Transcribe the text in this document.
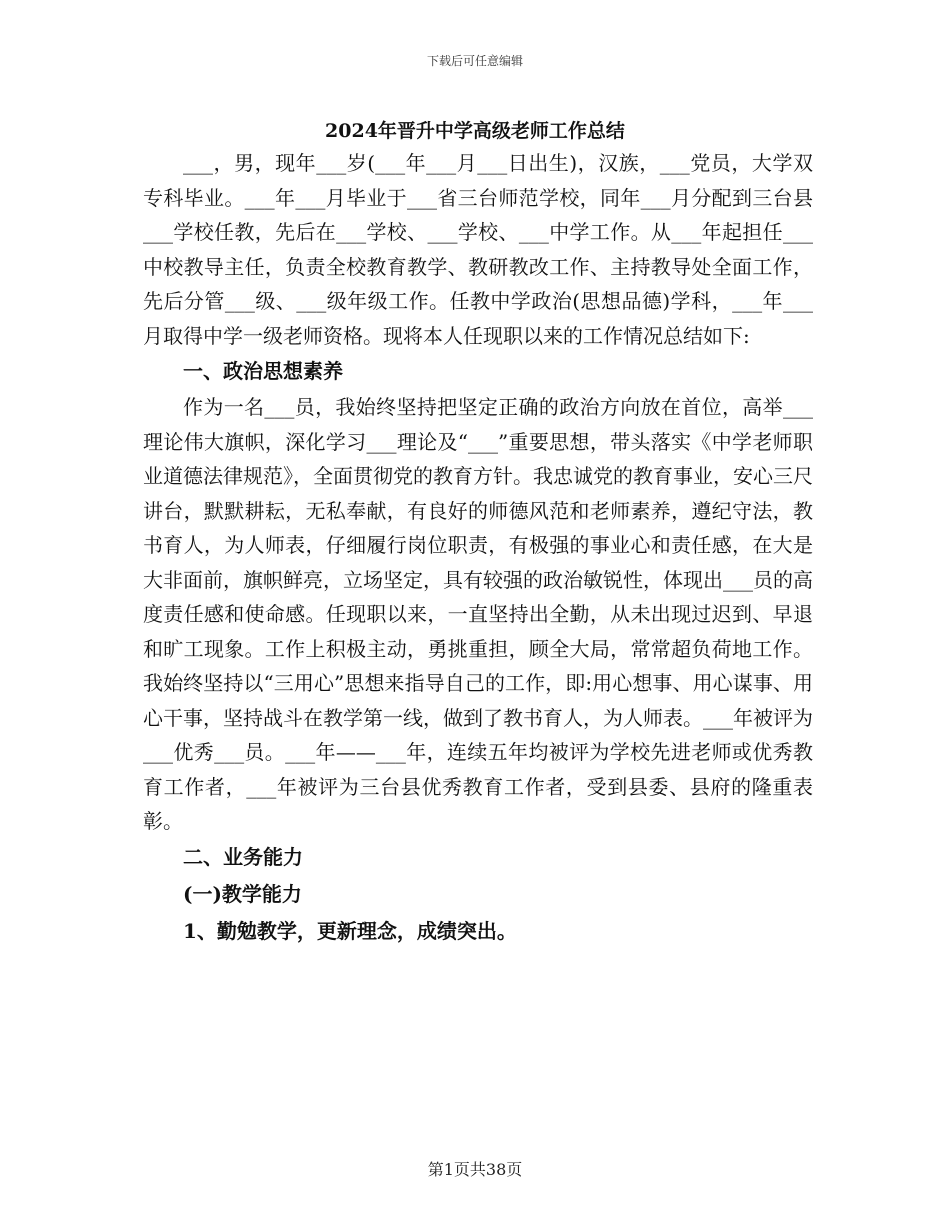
下载后可任意编辑
2024年晋升中学高级老师工作总结

___，男，现年___岁(___年___月___日出生)，汉族，___党员，大学双专科毕业。___年___月毕业于___省三台师范学校，同年___月分配到三台县___学校任教，先后在___学校、___学校、___中学工作。从___年起担任___中校教导主任，负责全校教育教学、教研教改工作、主持教导处全面工作，先后分管___级、___级年级工作。任教中学政治(思想品德)学科，___年___月取得中学一级老师资格。现将本人任现职以来的工作情况总结如下:

一、政治思想素养

作为一名___员，我始终坚持把坚定正确的政治方向放在首位，高举___理论伟大旗帜，深化学习___理论及“___”重要思想，带头落实《中学老师职业道德法律规范》，全面贯彻党的教育方针。我忠诚党的教育事业，安心三尺讲台，默默耕耘，无私奉献，有良好的师德风范和老师素养，遵纪守法，教书育人，为人师表，仔细履行岗位职责，有极强的事业心和责任感，在大是大非面前，旗帜鲜亮，立场坚定，具有较强的政治敏锐性，体现出___员的高度责任感和使命感。任现职以来，一直坚持出全勤，从未出现过迟到、早退和旷工现象。工作上积极主动，勇挑重担，顾全大局，常常超负荷地工作。我始终坚持以“三用心”思想来指导自己的工作，即:用心想事、用心谋事、用心干事，坚持战斗在教学第一线，做到了教书育人，为人师表。___年被评为___优秀___员。___年——___年，连续五年均被评为学校先进老师或优秀教育工作者，___年被评为三台县优秀教育工作者，受到县委、县府的隆重表彰。

二、业务能力
(一)教学能力
1、勤勉教学，更新理念，成绩突出。
第1页共38页
